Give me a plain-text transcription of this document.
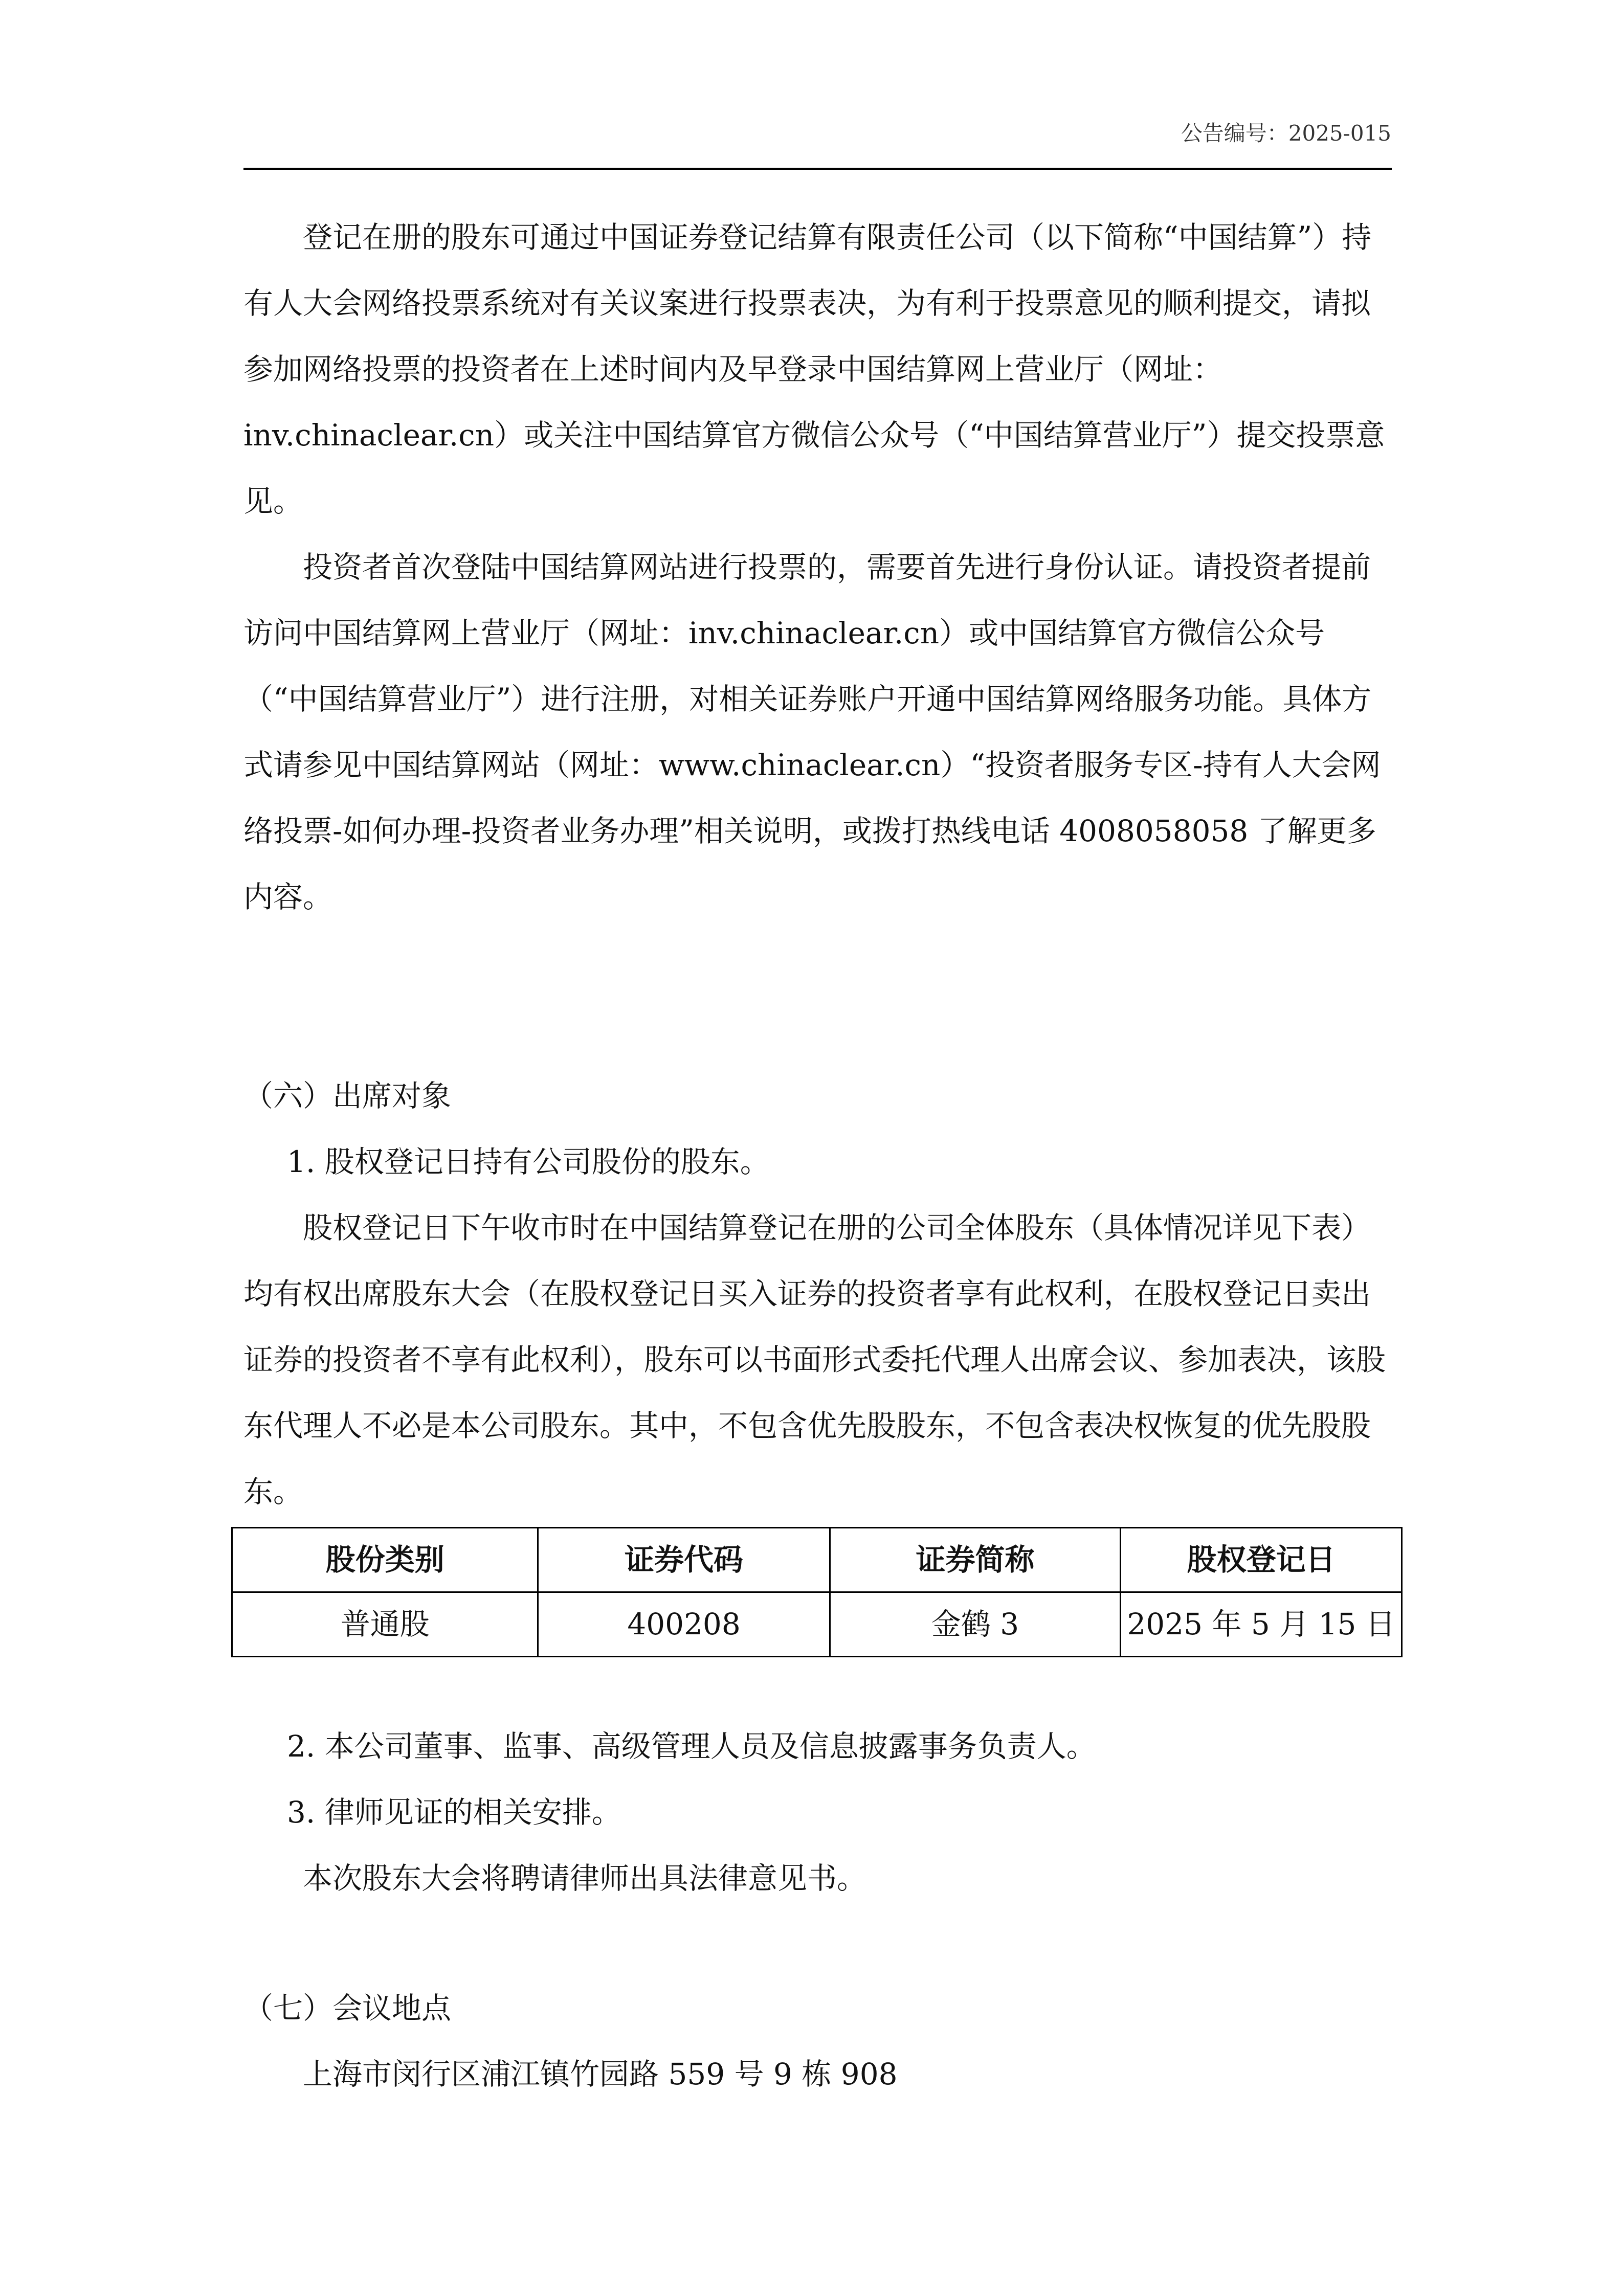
公告编号：2025-015

登记在册的股东可通过中国证券登记结算有限责任公司（以下简称“中国结算”）持有人大会网络投票系统对有关议案进行投票表决，为有利于投票意见的顺利提交，请拟参加网络投票的投资者在上述时间内及早登录中国结算网上营业厅（网址：inv.chinaclear.cn）或关注中国结算官方微信公众号（“中国结算营业厅”）提交投票意见。

投资者首次登陆中国结算网站进行投票的，需要首先进行身份认证。请投资者提前访问中国结算网上营业厅（网址：inv.chinaclear.cn）或中国结算官方微信公众号（“中国结算营业厅”）进行注册，对相关证券账户开通中国结算网络服务功能。具体方式请参见中国结算网站（网址：www.chinaclear.cn）“投资者服务专区-持有人大会网络投票-如何办理-投资者业务办理”相关说明，或拨打热线电话 4008058058 了解更多内容。

（六）出席对象

1. 股权登记日持有公司股份的股东。

股权登记日下午收市时在中国结算登记在册的公司全体股东（具体情况详见下表）均有权出席股东大会（在股权登记日买入证券的投资者享有此权利，在股权登记日卖出证券的投资者不享有此权利），股东可以书面形式委托代理人出席会议、参加表决，该股东代理人不必是本公司股东。其中，不包含优先股股东，不包含表决权恢复的优先股股东。

股份类别	证券代码	证券简称	股权登记日
普通股	400208	金鹤 3	2025 年 5 月 15 日

2. 本公司董事、监事、高级管理人员及信息披露事务负责人。

3. 律师见证的相关安排。

本次股东大会将聘请律师出具法律意见书。

（七）会议地点

上海市闵行区浦江镇竹园路 559 号 9 栋 908
